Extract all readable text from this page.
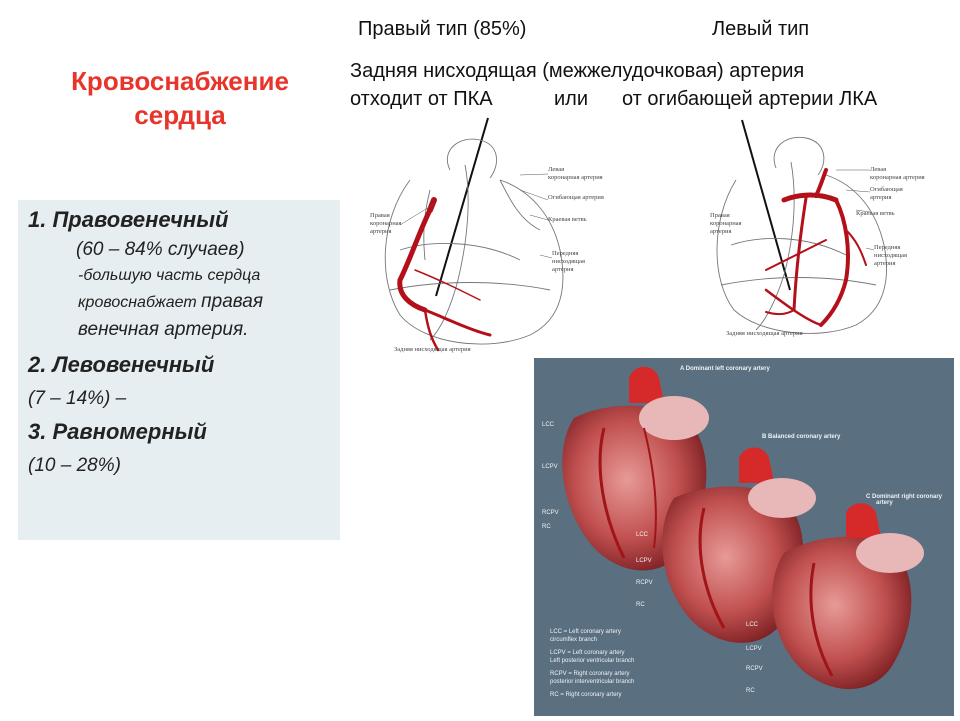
Кровоснабжение
сердца
1. Правовенечный
(60 – 84% случаев)
-большую часть сердца
кровоснабжает правая
венечная артерия.
2. Левовенечный
(7 – 14%) –
3. Равномерный
(10 – 28%)
Правый тип (85%)	Левый тип
Задняя нисходящая (межжелудочковая) артерия
отходит от ПКА	или от огибающей артерии ЛКА
Правая
коронарная
артерия
Левая
коронарная артерия
Огибающая артерия
Краевая ветвь
Передняя
нисходящая
артерия
Задняя нисходящая артерия
Правая
коронарная
артерия
Левая
коронарная артерия
Огибающая
артерия
Краевая ветвь
Передняя
нисходящая
артерия
Задняя нисходящая артерия
A Dominant left coronary artery
B Balanced coronary artery
C Dominant right coronary
artery
LCC
LCPV
RCPV
RC
LCC
LCPV
RCPV
RC
LCC
LCPV
RCPV
RC
LCC = Left coronary artery
circumflex branch
LCPV = Left coronary artery
Left posterior ventricular branch
RCPV = Right coronary artery
posterior interventricular branch
RC = Right coronary artery
